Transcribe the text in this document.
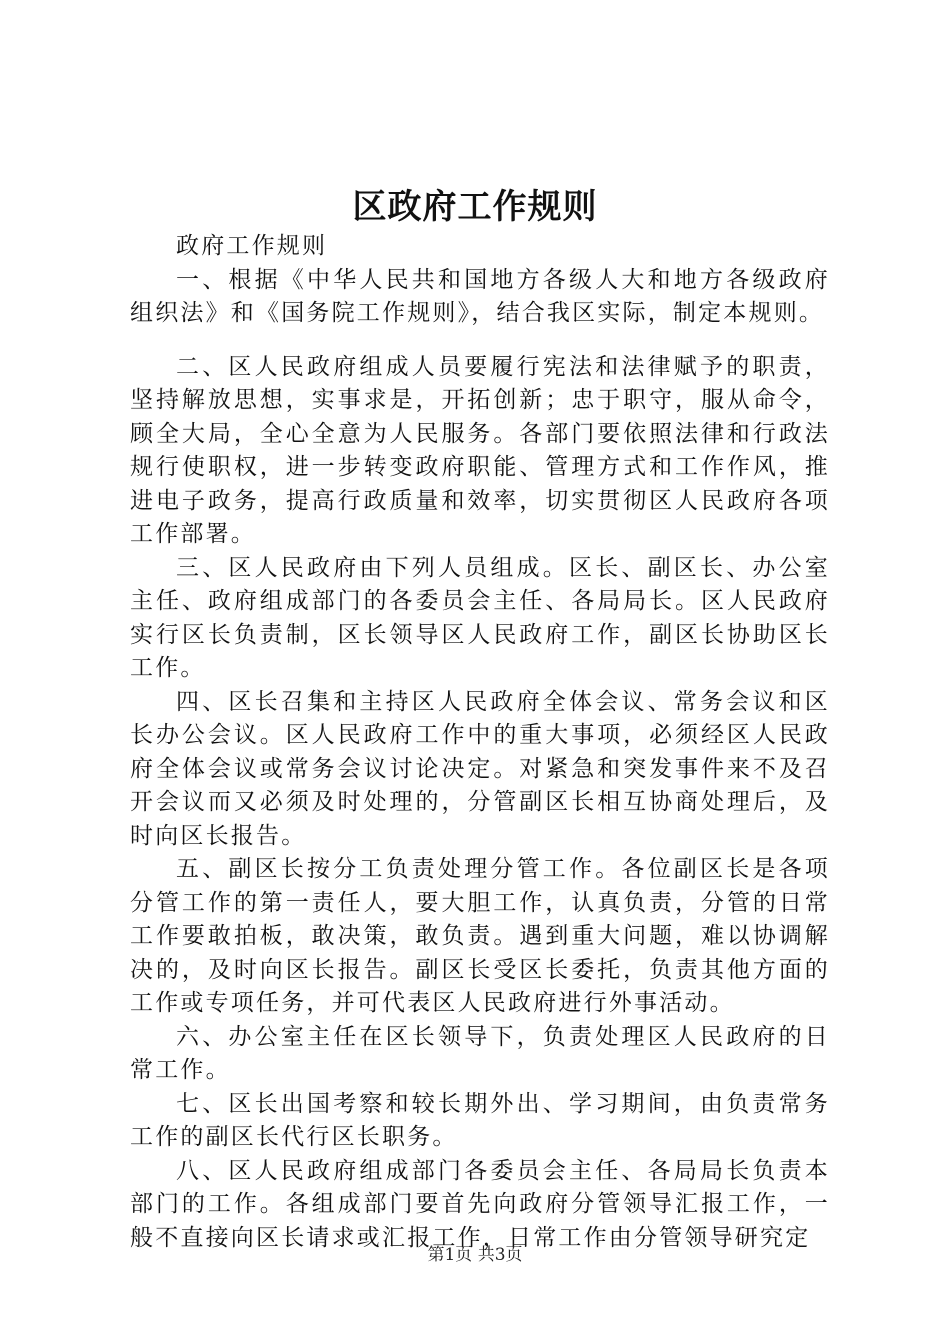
区政府工作规则

政府工作规则

一、根据《中华人民共和国地方各级人大和地方各级政府组织法》和《国务院工作规则》，结合我区实际，制定本规则。

二、区人民政府组成人员要履行宪法和法律赋予的职责，坚持解放思想，实事求是，开拓创新；忠于职守，服从命令，顾全大局，全心全意为人民服务。各部门要依照法律和行政法规行使职权，进一步转变政府职能、管理方式和工作作风，推进电子政务，提高行政质量和效率，切实贯彻区人民政府各项工作部署。

三、区人民政府由下列人员组成。区长、副区长、办公室主任、政府组成部门的各委员会主任、各局局长。区人民政府实行区长负责制，区长领导区人民政府工作，副区长协助区长工作。

四、区长召集和主持区人民政府全体会议、常务会议和区长办公会议。区人民政府工作中的重大事项，必须经区人民政府全体会议或常务会议讨论决定。对紧急和突发事件来不及召开会议而又必须及时处理的，分管副区长相互协商处理后，及时向区长报告。

五、副区长按分工负责处理分管工作。各位副区长是各项分管工作的第一责任人，要大胆工作，认真负责，分管的日常工作要敢拍板，敢决策，敢负责。遇到重大问题，难以协调解决的，及时向区长报告。副区长受区长委托，负责其他方面的工作或专项任务，并可代表区人民政府进行外事活动。

六、办公室主任在区长领导下，负责处理区人民政府的日常工作。

七、区长出国考察和较长期外出、学习期间，由负责常务工作的副区长代行区长职务。

八、区人民政府组成部门各委员会主任、各局局长负责本部门的工作。各组成部门要首先向政府分管领导汇报工作，一般不直接向区长请求或汇报工作，日常工作由分管领导研究定

第1页 共3页
